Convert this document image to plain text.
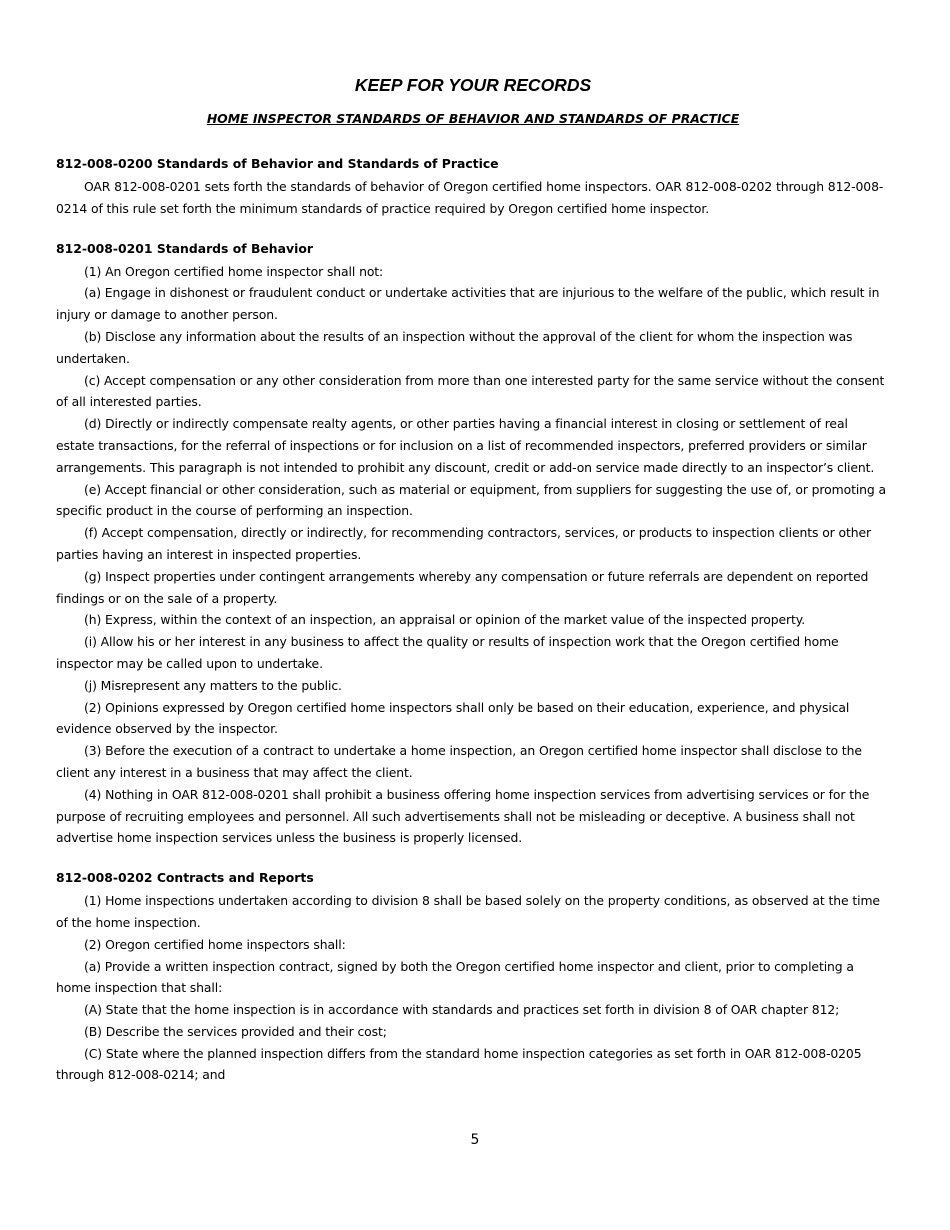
KEEP FOR YOUR RECORDS
HOME INSPECTOR STANDARDS OF BEHAVIOR AND STANDARDS OF PRACTICE
812-008-0200 Standards of Behavior and Standards of Practice

OAR 812-008-0201 sets forth the standards of behavior of Oregon certified home inspectors. OAR 812-008-0202 through 812-008-0214 of this rule set forth the minimum standards of practice required by Oregon certified home inspector.

812-008-0201 Standards of Behavior

(1) An Oregon certified home inspector shall not:

(a) Engage in dishonest or fraudulent conduct or undertake activities that are injurious to the welfare of the public, which result in injury or damage to another person.

(b) Disclose any information about the results of an inspection without the approval of the client for whom the inspection was undertaken.

(c) Accept compensation or any other consideration from more than one interested party for the same service without the consent of all interested parties.

(d) Directly or indirectly compensate realty agents, or other parties having a financial interest in closing or settlement of real estate transactions, for the referral of inspections or for inclusion on a list of recommended inspectors, preferred providers or similar arrangements. This paragraph is not intended to prohibit any discount, credit or add-on service made directly to an inspector’s client.

(e) Accept financial or other consideration, such as material or equipment, from suppliers for suggesting the use of, or promoting a specific product in the course of performing an inspection.

(f) Accept compensation, directly or indirectly, for recommending contractors, services, or products to inspection clients or other parties having an interest in inspected properties.

(g) Inspect properties under contingent arrangements whereby any compensation or future referrals are dependent on reported findings or on the sale of a property.

(h) Express, within the context of an inspection, an appraisal or opinion of the market value of the inspected property.

(i) Allow his or her interest in any business to affect the quality or results of inspection work that the Oregon certified home inspector may be called upon to undertake.

(j) Misrepresent any matters to the public.

(2) Opinions expressed by Oregon certified home inspectors shall only be based on their education, experience, and physical evidence observed by the inspector.

(3) Before the execution of a contract to undertake a home inspection, an Oregon certified home inspector shall disclose to the client any interest in a business that may affect the client.

(4) Nothing in OAR 812-008-0201 shall prohibit a business offering home inspection services from advertising services or for the purpose of recruiting employees and personnel. All such advertisements shall not be misleading or deceptive. A business shall not advertise home inspection services unless the business is properly licensed.

812-008-0202 Contracts and Reports

(1) Home inspections undertaken according to division 8 shall be based solely on the property conditions, as observed at the time of the home inspection.

(2) Oregon certified home inspectors shall:

(a) Provide a written inspection contract, signed by both the Oregon certified home inspector and client, prior to completing a home inspection that shall:

(A) State that the home inspection is in accordance with standards and practices set forth in division 8 of OAR chapter 812;

(B) Describe the services provided and their cost;

(C) State where the planned inspection differs from the standard home inspection categories as set forth in OAR 812-008-0205 through 812-008-0214; and

5
